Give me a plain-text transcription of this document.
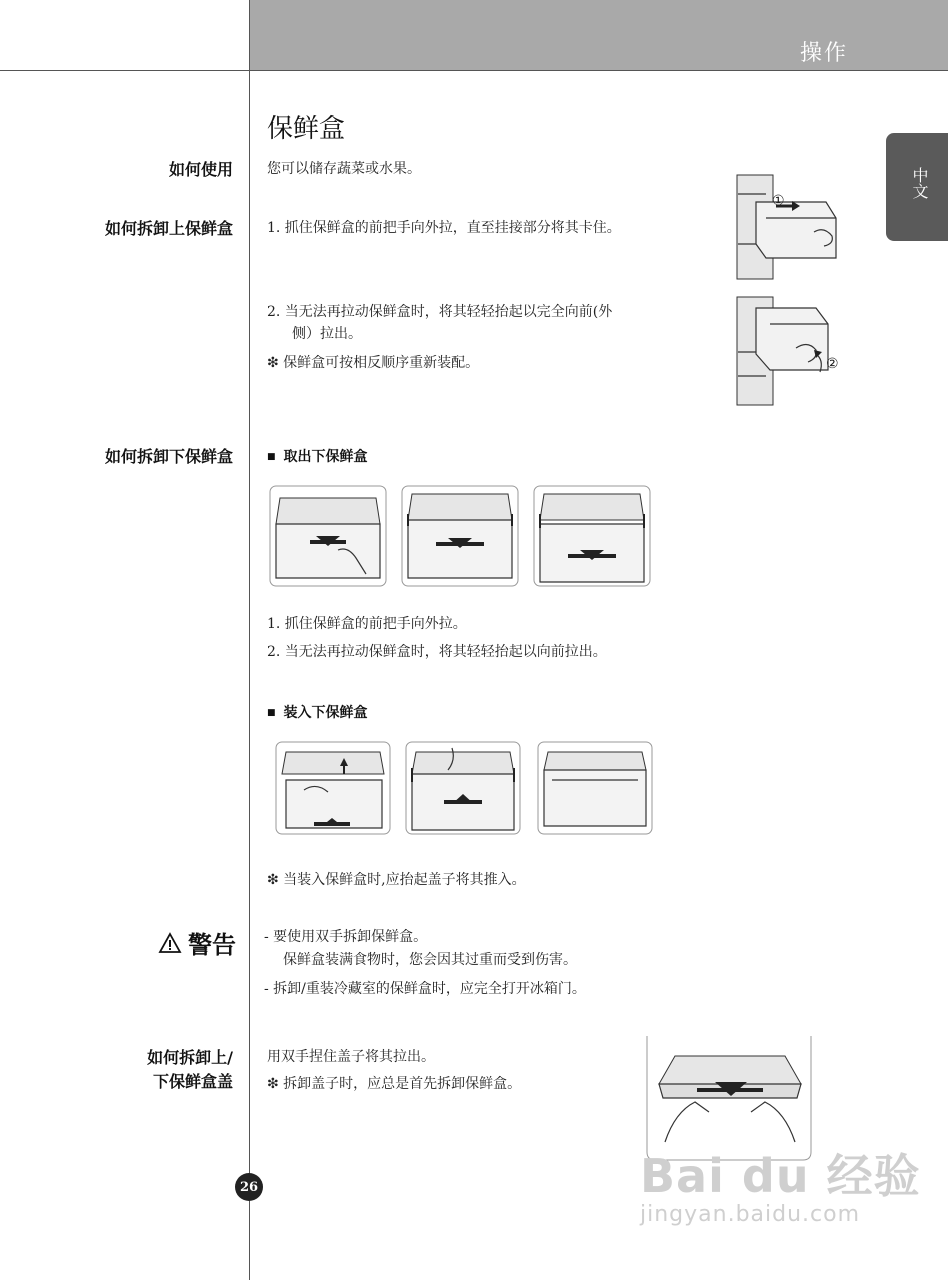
操作
中文
保鲜盒
如何使用 您可以储存蔬菜或水果。
如何拆卸上保鲜盒 1. 抓住保鲜盒的前把手向外拉，直至挂接部分将其卡住。
2. 当无法再拉动保鲜盒时，将其轻轻抬起以完全向前(外
侧）拉出。
❇ 保鲜盒可按相反顺序重新装配。
①
②
如何拆卸下保鲜盒
■	取出下保鲜盒
1. 抓住保鲜盒的前把手向外拉。
2. 当无法再拉动保鲜盒时，将其轻轻抬起以向前拉出。
■ 装入下保鲜盒
❇ 当装入保鲜盒时,应抬起盖子将其推入。
警告 - 要使用双手拆卸保鲜盒。
保鲜盒装满食物时，您会因其过重而受到伤害。
- 拆卸/重装冷藏室的保鲜盒时，应完全打开冰箱门。
如何拆卸上/
下保鲜盒盖
用双手捏住盖子将其拉出。
❇ 拆卸盖子时，应总是首先拆卸保鲜盒。
26	Bai du 经验
jingyan.baidu.com
